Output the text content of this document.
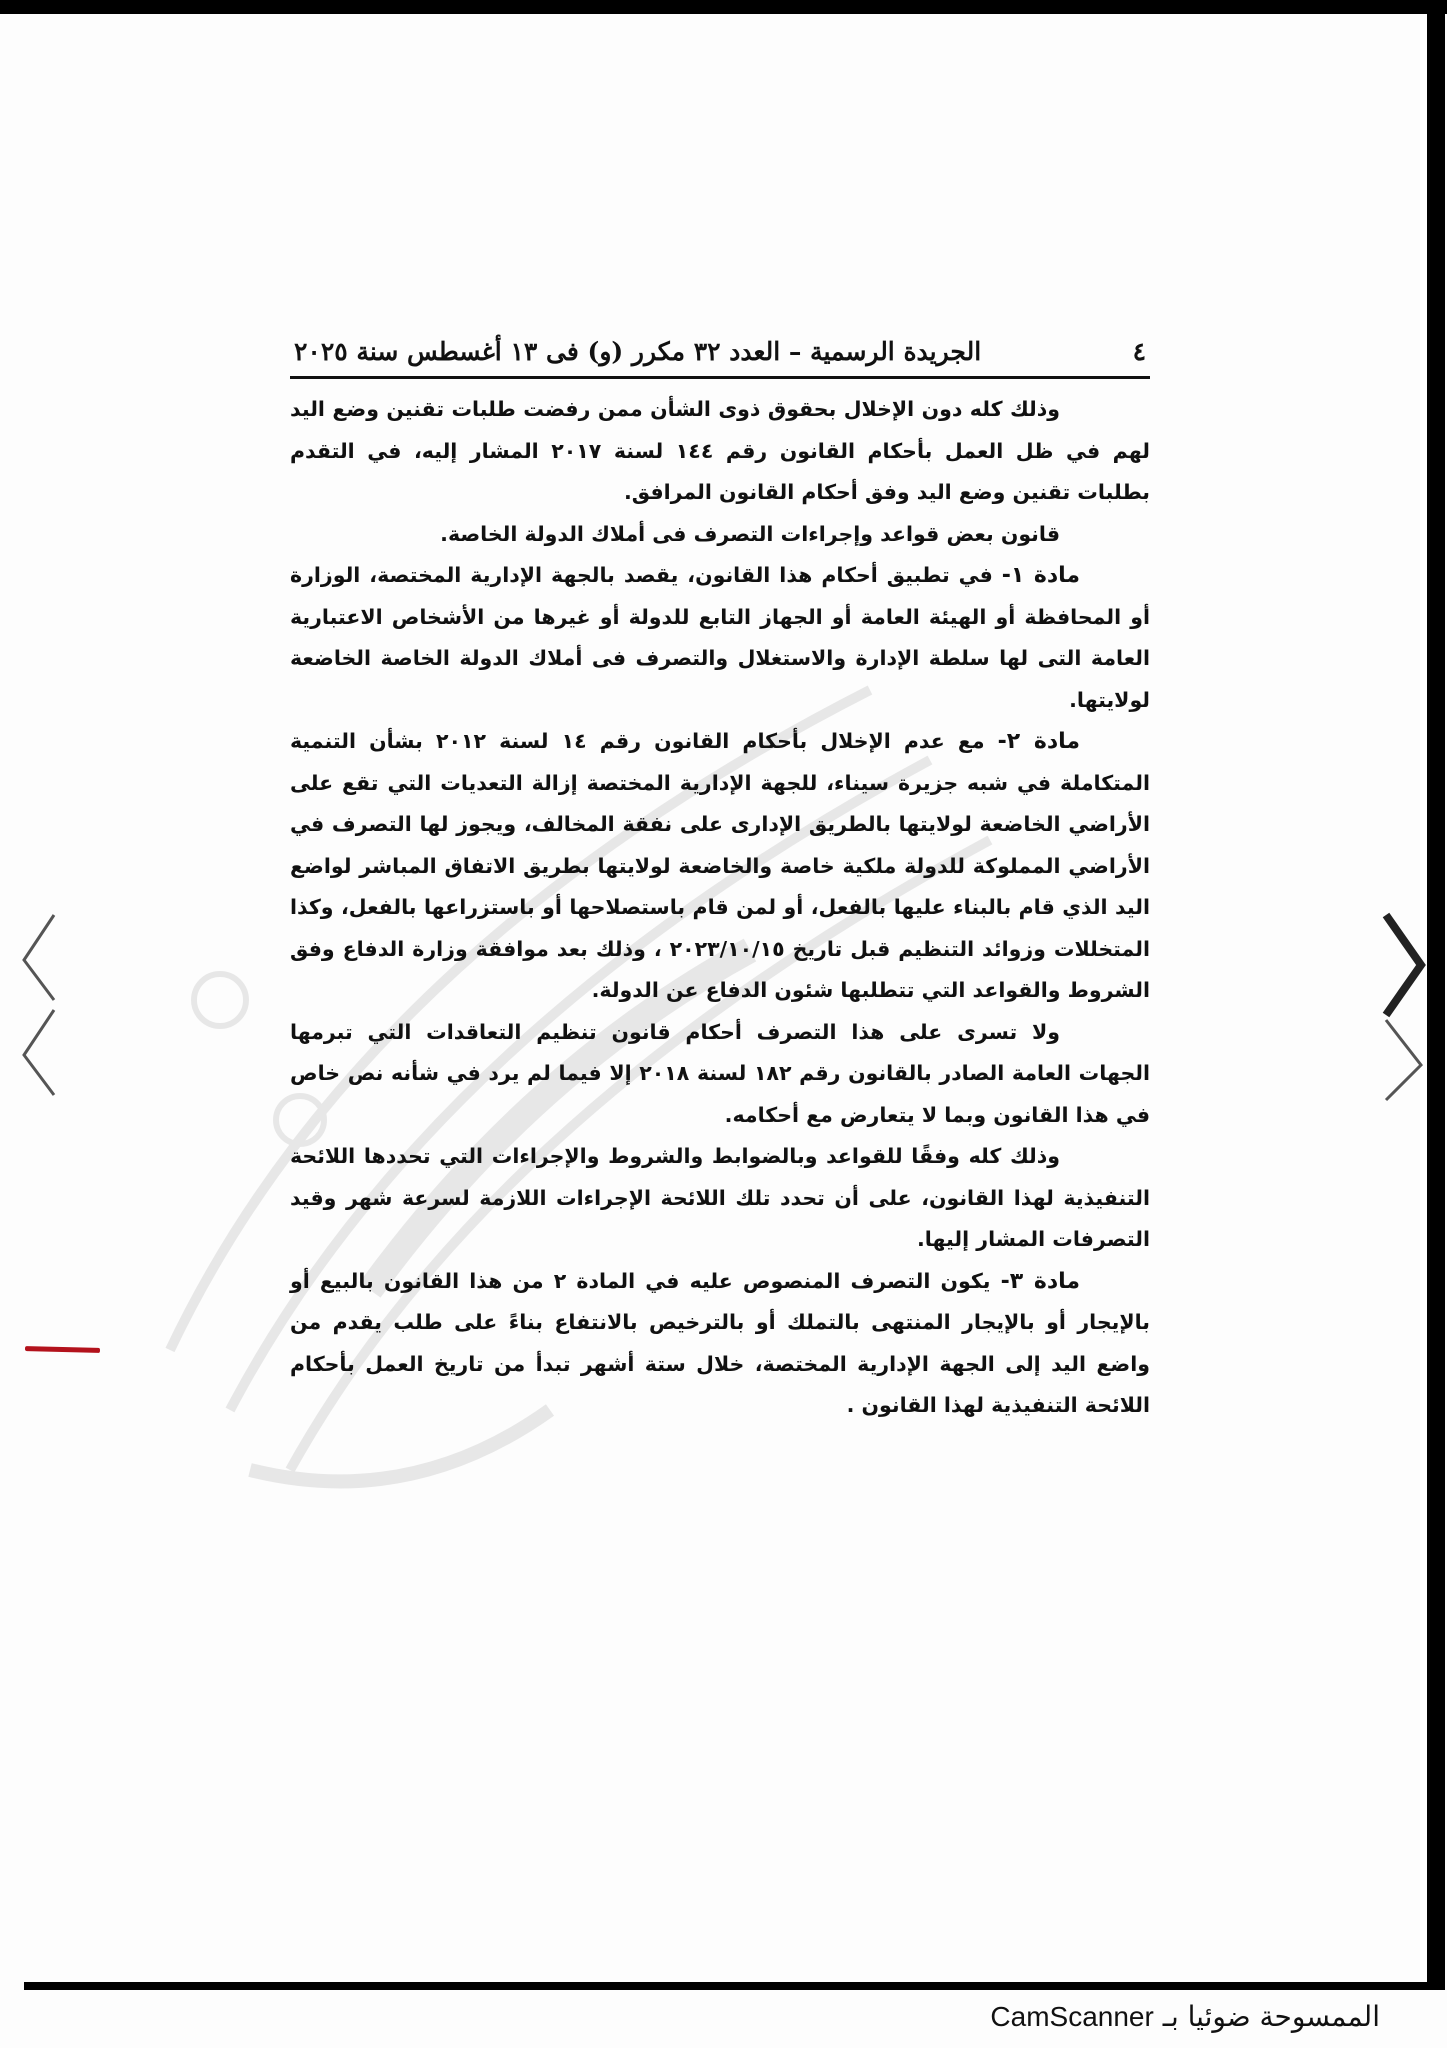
٤
الجريدة الرسمية – العدد ٣٢ مكرر (و) فى ١٣ أغسطس سنة ٢٠٢٥

وذلك كله دون الإخلال بحقوق ذوى الشأن ممن رفضت طلبات تقنين وضع اليد لهم في ظل العمل بأحكام القانون رقم ١٤٤ لسنة ٢٠١٧ المشار إليه، في التقدم بطلبات تقنين وضع اليد وفق أحكام القانون المرافق.

قانون بعض قواعد وإجراءات التصرف فى أملاك الدولة الخاصة.

مادة ١- في تطبيق أحكام هذا القانون، يقصد بالجهة الإدارية المختصة، الوزارة أو المحافظة أو الهيئة العامة أو الجهاز التابع للدولة أو غيرها من الأشخاص الاعتبارية العامة التى لها سلطة الإدارة والاستغلال والتصرف فى أملاك الدولة الخاصة الخاضعة لولايتها.

مادة ٢- مع عدم الإخلال بأحكام القانون رقم ١٤ لسنة ٢٠١٢ بشأن التنمية المتكاملة في شبه جزيرة سيناء، للجهة الإدارية المختصة إزالة التعديات التي تقع على الأراضي الخاضعة لولايتها بالطريق الإدارى على نفقة المخالف، ويجوز لها التصرف في الأراضي المملوكة للدولة ملكية خاصة والخاضعة لولايتها بطريق الاتفاق المباشر لواضع اليد الذي قام بالبناء عليها بالفعل، أو لمن قام باستصلاحها أو باستزراعها بالفعل، وكذا المتخللات وزوائد التنظيم قبل تاريخ ٢٠٢٣/١٠/١٥ ، وذلك بعد موافقة وزارة الدفاع وفق الشروط والقواعد التي تتطلبها شئون الدفاع عن الدولة.

ولا تسرى على هذا التصرف أحكام قانون تنظيم التعاقدات التي تبرمها الجهات العامة الصادر بالقانون رقم ١٨٢ لسنة ٢٠١٨ إلا فيما لم يرد في شأنه نص خاص في هذا القانون وبما لا يتعارض مع أحكامه.

وذلك كله وفقًا للقواعد وبالضوابط والشروط والإجراءات التي تحددها اللائحة التنفيذية لهذا القانون، على أن تحدد تلك اللائحة الإجراءات اللازمة لسرعة شهر وقيد التصرفات المشار إليها.

مادة ٣- يكون التصرف المنصوص عليه في المادة ٢ من هذا القانون بالبيع أو بالإيجار أو بالإيجار المنتهى بالتملك أو بالترخيص بالانتفاع بناءً على طلب يقدم من واضع اليد إلى الجهة الإدارية المختصة، خلال ستة أشهر تبدأ من تاريخ العمل بأحكام اللائحة التنفيذية لهذا القانون .

الممسوحة ضوئيا بـ CamScanner
